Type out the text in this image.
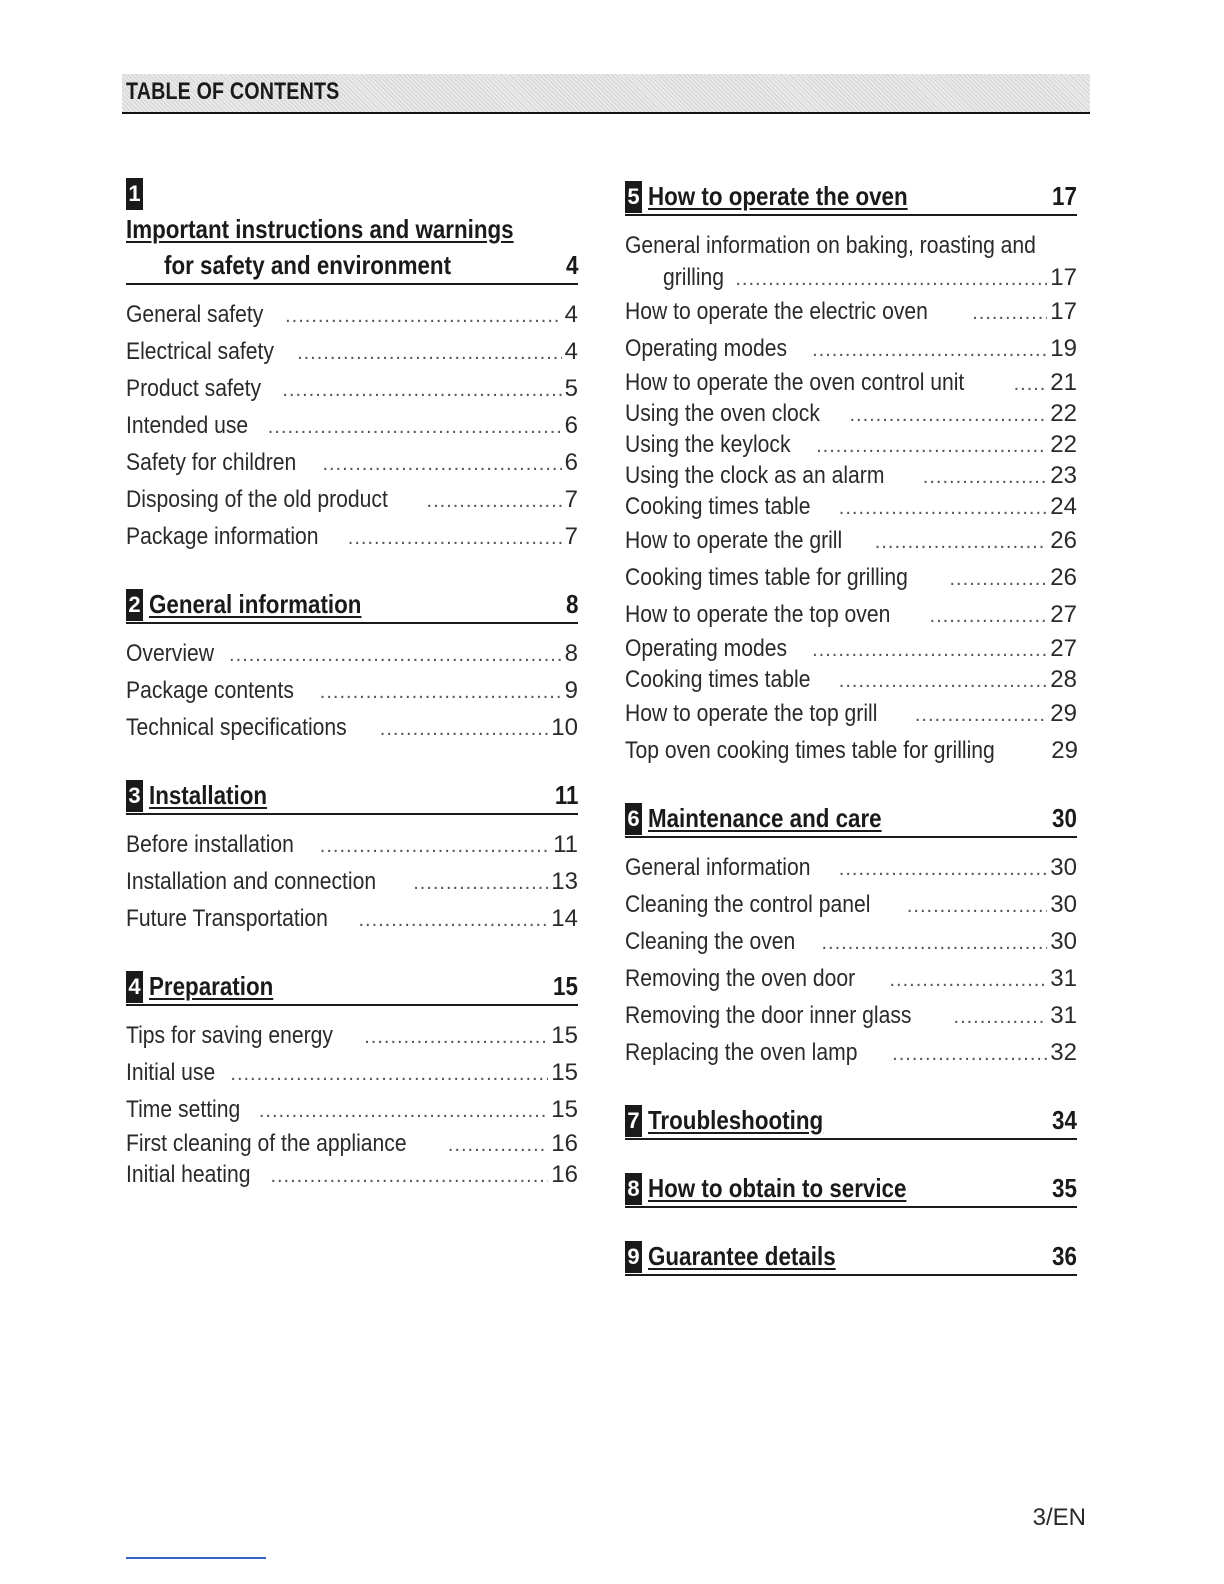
TABLE OF CONTENTS
1
Important instructions and warnings
for safety and environment	4
General safety .....	4
Electrical safety .....	4
Product safety .....	5
Intended use .....	6
Safety for children .....	6
Disposing of the old product .....	7
Package information .....	7
2 General information	8
Overview .....	8
Package contents .....	9
Technical specifications .....	10
3 Installation	11
Before installation .....	11
Installation and connection .....	13
Future Transportation .....	14
4 Preparation	15
Tips for saving energy .....	15
Initial use .....	15
Time setting .....	15
First cleaning of the appliance .....	16
Initial heating .....	16
5 How to operate the oven	17
General information on baking, roasting and
grilling .....	17
How to operate the electric oven .....	17
Operating modes .....	19
How to operate the oven control unit .....	21
Using the oven clock .....	22
Using the keylock .....	22
Using the clock as an alarm .....	23
Cooking times table .....	24
How to operate the grill .....	26
Cooking times table for grilling .....	26
How to operate the top oven .....	27
Operating modes .....	27
Cooking times table .....	28
How to operate the top grill .....	29
Top oven cooking times table for grilling 29
6 Maintenance and care	30
General information .....	30
Cleaning the control panel .....	30
Cleaning the oven .....	30
Removing the oven door .....	31
Removing the door inner glass .....	31
Replacing the oven lamp .....	32
7 Troubleshooting	34
8 How to obtain to service	35
9 Guarantee details	36
3/EN
